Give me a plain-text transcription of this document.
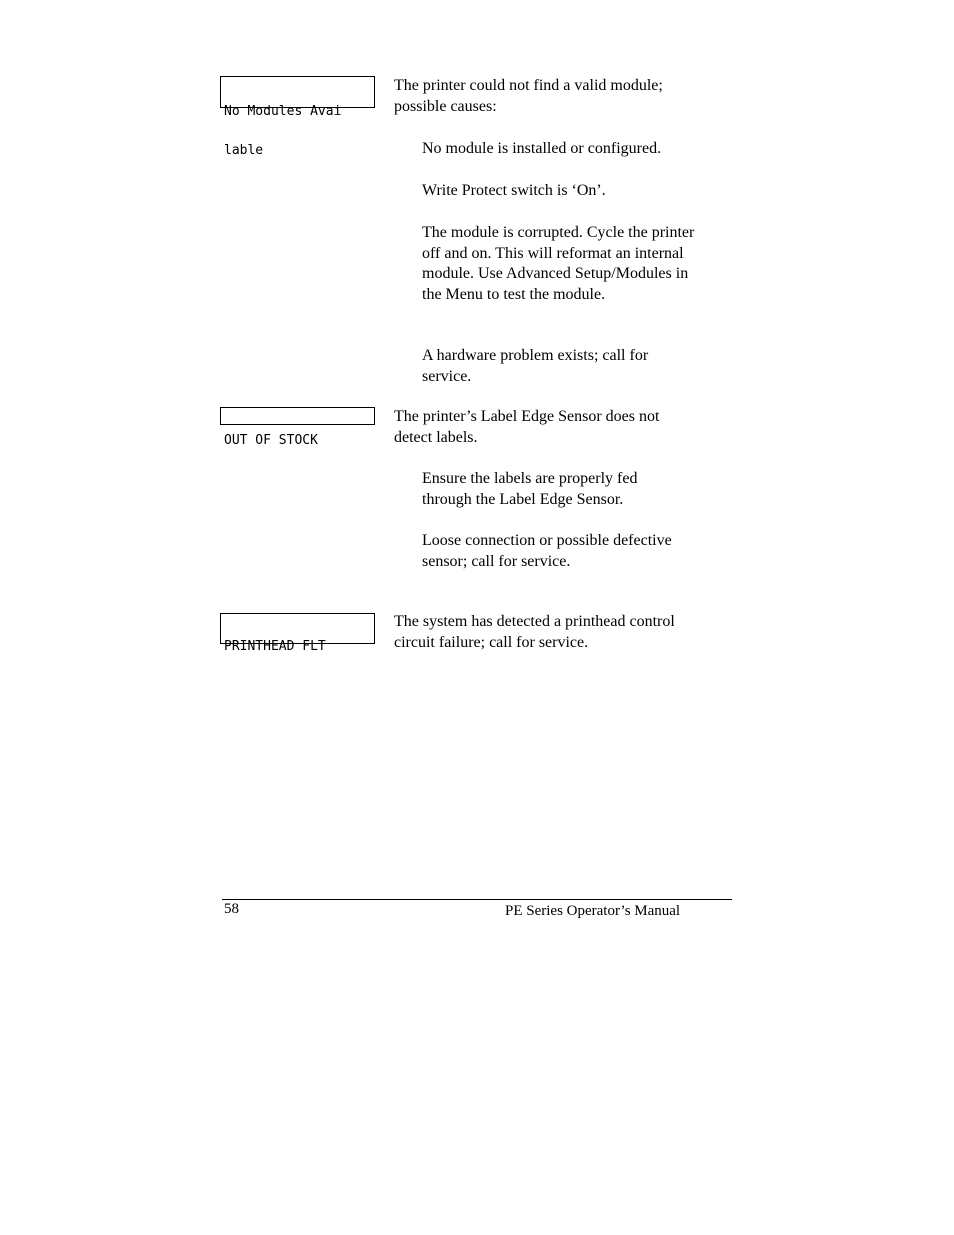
No Modules Avai

lable

The printer could not find a valid module; possible causes:

No module is installed or configured.

Write Protect switch is ‘On’.

The module is corrupted. Cycle the printer off and on. This will reformat an internal module. Use Advanced Setup/Modules in the Menu to test the module.

A hardware problem exists; call for service.

OUT OF STOCK

The printer’s Label Edge Sensor does not detect labels.

Ensure the labels are properly fed through the Label Edge Sensor.

Loose connection or possible defective sensor; call for service.

PRINTHEAD FLT

The system has detected a printhead control circuit failure; call for service.

58	PE Series Operator’s Manual
